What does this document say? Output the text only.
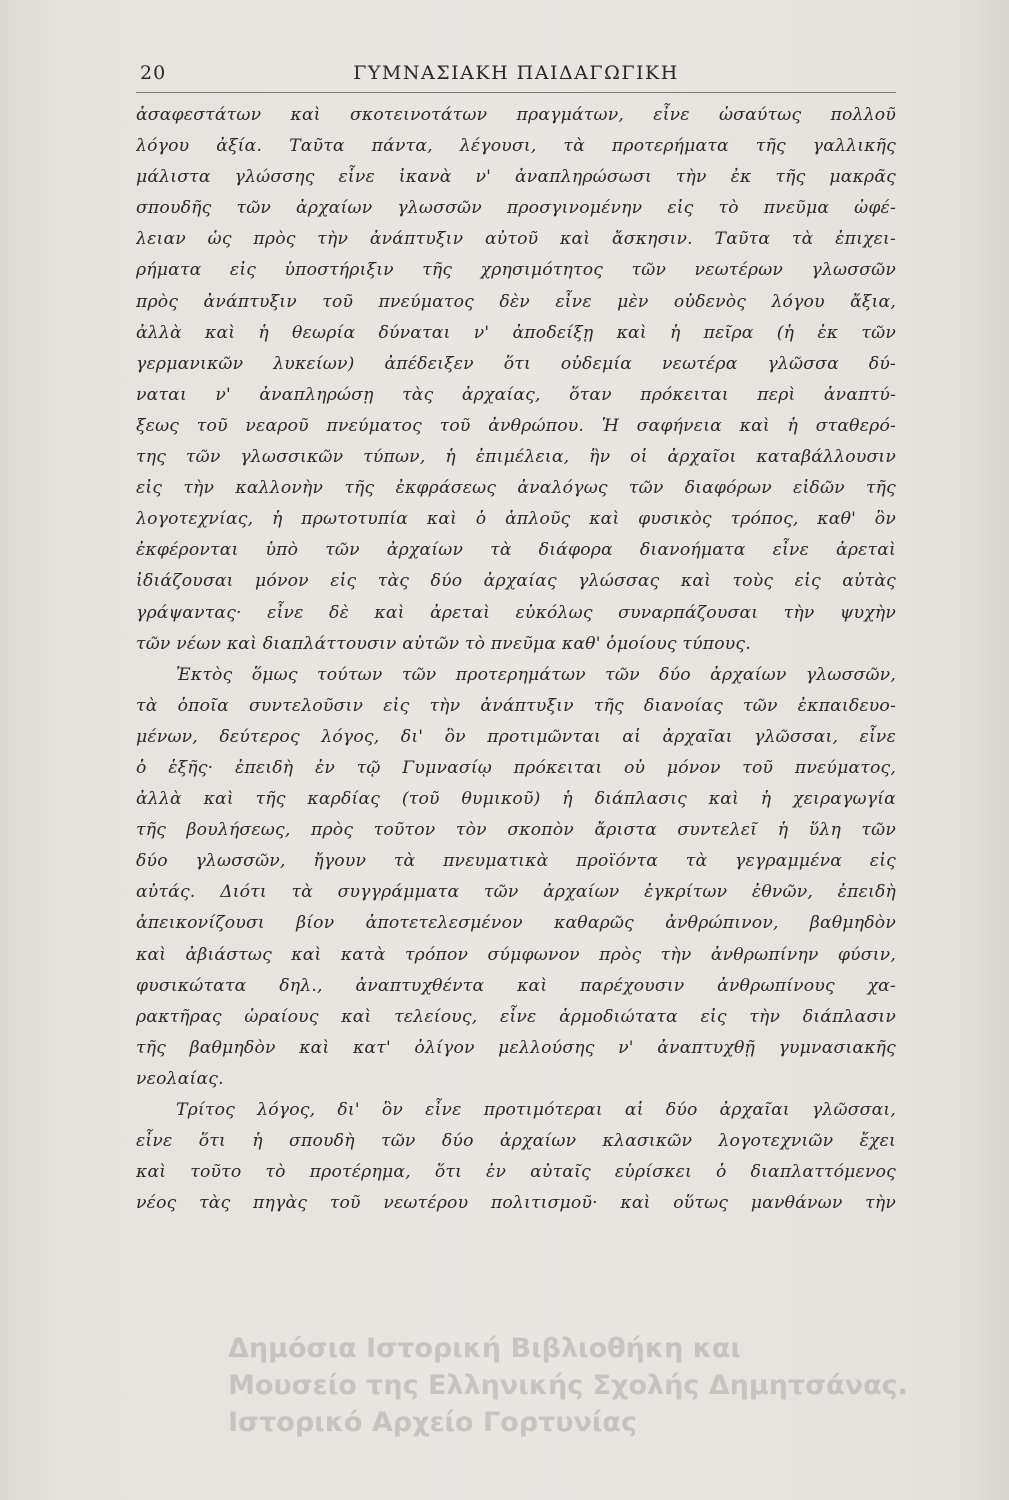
20	ΓΥΜΝΑΣΙΑΚΗ ΠΑΙΔΑΓΩΓΙΚΗ
ἀσαφεστάτων καὶ σκοτεινοτάτων πραγμάτων, εἶνε ὡσαύτως πολλοῦ
λόγου ἀξία. Ταῦτα πάντα, λέγουσι, τὰ προτερήματα τῆς γαλλικῆς
μάλιστα γλώσσης εἶνε ἱκανὰ ν' ἀναπληρώσωσι τὴν ἐκ τῆς μακρᾶς
σπουδῆς τῶν ἀρχαίων γλωσσῶν προσγινομένην εἰς τὸ πνεῦμα ὠφέ-
λειαν ὡς πρὸς τὴν ἀνάπτυξιν αὐτοῦ καὶ ἄσκησιν. Ταῦτα τὰ ἐπιχει-
ρήματα εἰς ὑποστήριξιν τῆς χρησιμότητος τῶν νεωτέρων γλωσσῶν
πρὸς ἀνάπτυξιν τοῦ πνεύματος δὲν εἶνε μὲν οὐδενὸς λόγου ἄξια,
ἀλλὰ καὶ ἡ θεωρία δύναται ν' ἀποδείξῃ καὶ ἡ πεῖρα (ἡ ἐκ τῶν
γερμανικῶν λυκείων) ἀπέδειξεν ὅτι οὐδεμία νεωτέρα γλῶσσα δύ-
ναται ν' ἀναπληρώσῃ τὰς ἀρχαίας, ὅταν πρόκειται περὶ ἀναπτύ-
ξεως τοῦ νεαροῦ πνεύματος τοῦ ἀνθρώπου. Ἡ σαφήνεια καὶ ἡ σταθερό-
της τῶν γλωσσικῶν τύπων, ἡ ἐπιμέλεια, ἣν οἱ ἀρχαῖοι καταβάλλουσιν
εἰς τὴν καλλονὴν τῆς ἐκφράσεως ἀναλόγως τῶν διαφόρων εἰδῶν τῆς
λογοτεχνίας, ἡ πρωτοτυπία καὶ ὁ ἁπλοῦς καὶ φυσικὸς τρόπος, καθ' ὃν
ἐκφέρονται ὑπὸ τῶν ἀρχαίων τὰ διάφορα διανοήματα εἶνε ἀρεταὶ
ἰδιάζουσαι μόνον εἰς τὰς δύο ἀρχαίας γλώσσας καὶ τοὺς εἰς αὐτὰς
γράψαντας· εἶνε δὲ καὶ ἀρεταὶ εὐκόλως συναρπάζουσαι τὴν ψυχὴν
τῶν νέων καὶ διαπλάττουσιν αὐτῶν τὸ πνεῦμα καθ' ὁμοίους τύπους.
Ἐκτὸς ὅμως τούτων τῶν προτερημάτων τῶν δύο ἀρχαίων γλωσσῶν,
τὰ ὁποῖα συντελοῦσιν εἰς τὴν ἀνάπτυξιν τῆς διανοίας τῶν ἐκπαιδευο-
μένων, δεύτερος λόγος, δι' ὃν προτιμῶνται αἱ ἀρχαῖαι γλῶσσαι, εἶνε
ὁ ἑξῆς· ἐπειδὴ ἐν τῷ Γυμνασίῳ πρόκειται οὐ μόνον τοῦ πνεύματος,
ἀλλὰ καὶ τῆς καρδίας (τοῦ θυμικοῦ) ἡ διάπλασις καὶ ἡ χειραγωγία
τῆς βουλήσεως, πρὸς τοῦτον τὸν σκοπὸν ἄριστα συντελεῖ ἡ ὕλη τῶν
δύο γλωσσῶν, ἤγουν τὰ πνευματικὰ προϊόντα τὰ γεγραμμένα εἰς
αὐτάς. Διότι τὰ συγγράμματα τῶν ἀρχαίων ἐγκρίτων ἐθνῶν, ἐπειδὴ
ἀπεικονίζουσι βίον ἀποτετελεσμένον καθαρῶς ἀνθρώπινον, βαθμηδὸν
καὶ ἀβιάστως καὶ κατὰ τρόπον σύμφωνον πρὸς τὴν ἀνθρωπίνην φύσιν,
φυσικώτατα δηλ., ἀναπτυχθέντα καὶ παρέχουσιν ἀνθρωπίνους χα-
ρακτῆρας ὡραίους καὶ τελείους, εἶνε ἁρμοδιώτατα εἰς τὴν διάπλασιν
τῆς βαθμηδὸν καὶ κατ' ὀλίγον μελλούσης ν' ἀναπτυχθῇ γυμνασιακῆς
νεολαίας.
Τρίτος λόγος, δι' ὃν εἶνε προτιμότεραι αἱ δύο ἀρχαῖαι γλῶσσαι,
εἶνε ὅτι ἡ σπουδὴ τῶν δύο ἀρχαίων κλασικῶν λογοτεχνιῶν ἔχει
καὶ τοῦτο τὸ προτέρημα, ὅτι ἐν αὐταῖς εὑρίσκει ὁ διαπλαττόμενος
νέος τὰς πηγὰς τοῦ νεωτέρου πολιτισμοῦ· καὶ οὕτως μανθάνων τὴν
Δημόσια Ιστορική Βιβλιοθήκη και
Μουσείο της Ελληνικής Σχολής Δημητσάνας.
Ιστορικό Αρχείο Γορτυνίας
